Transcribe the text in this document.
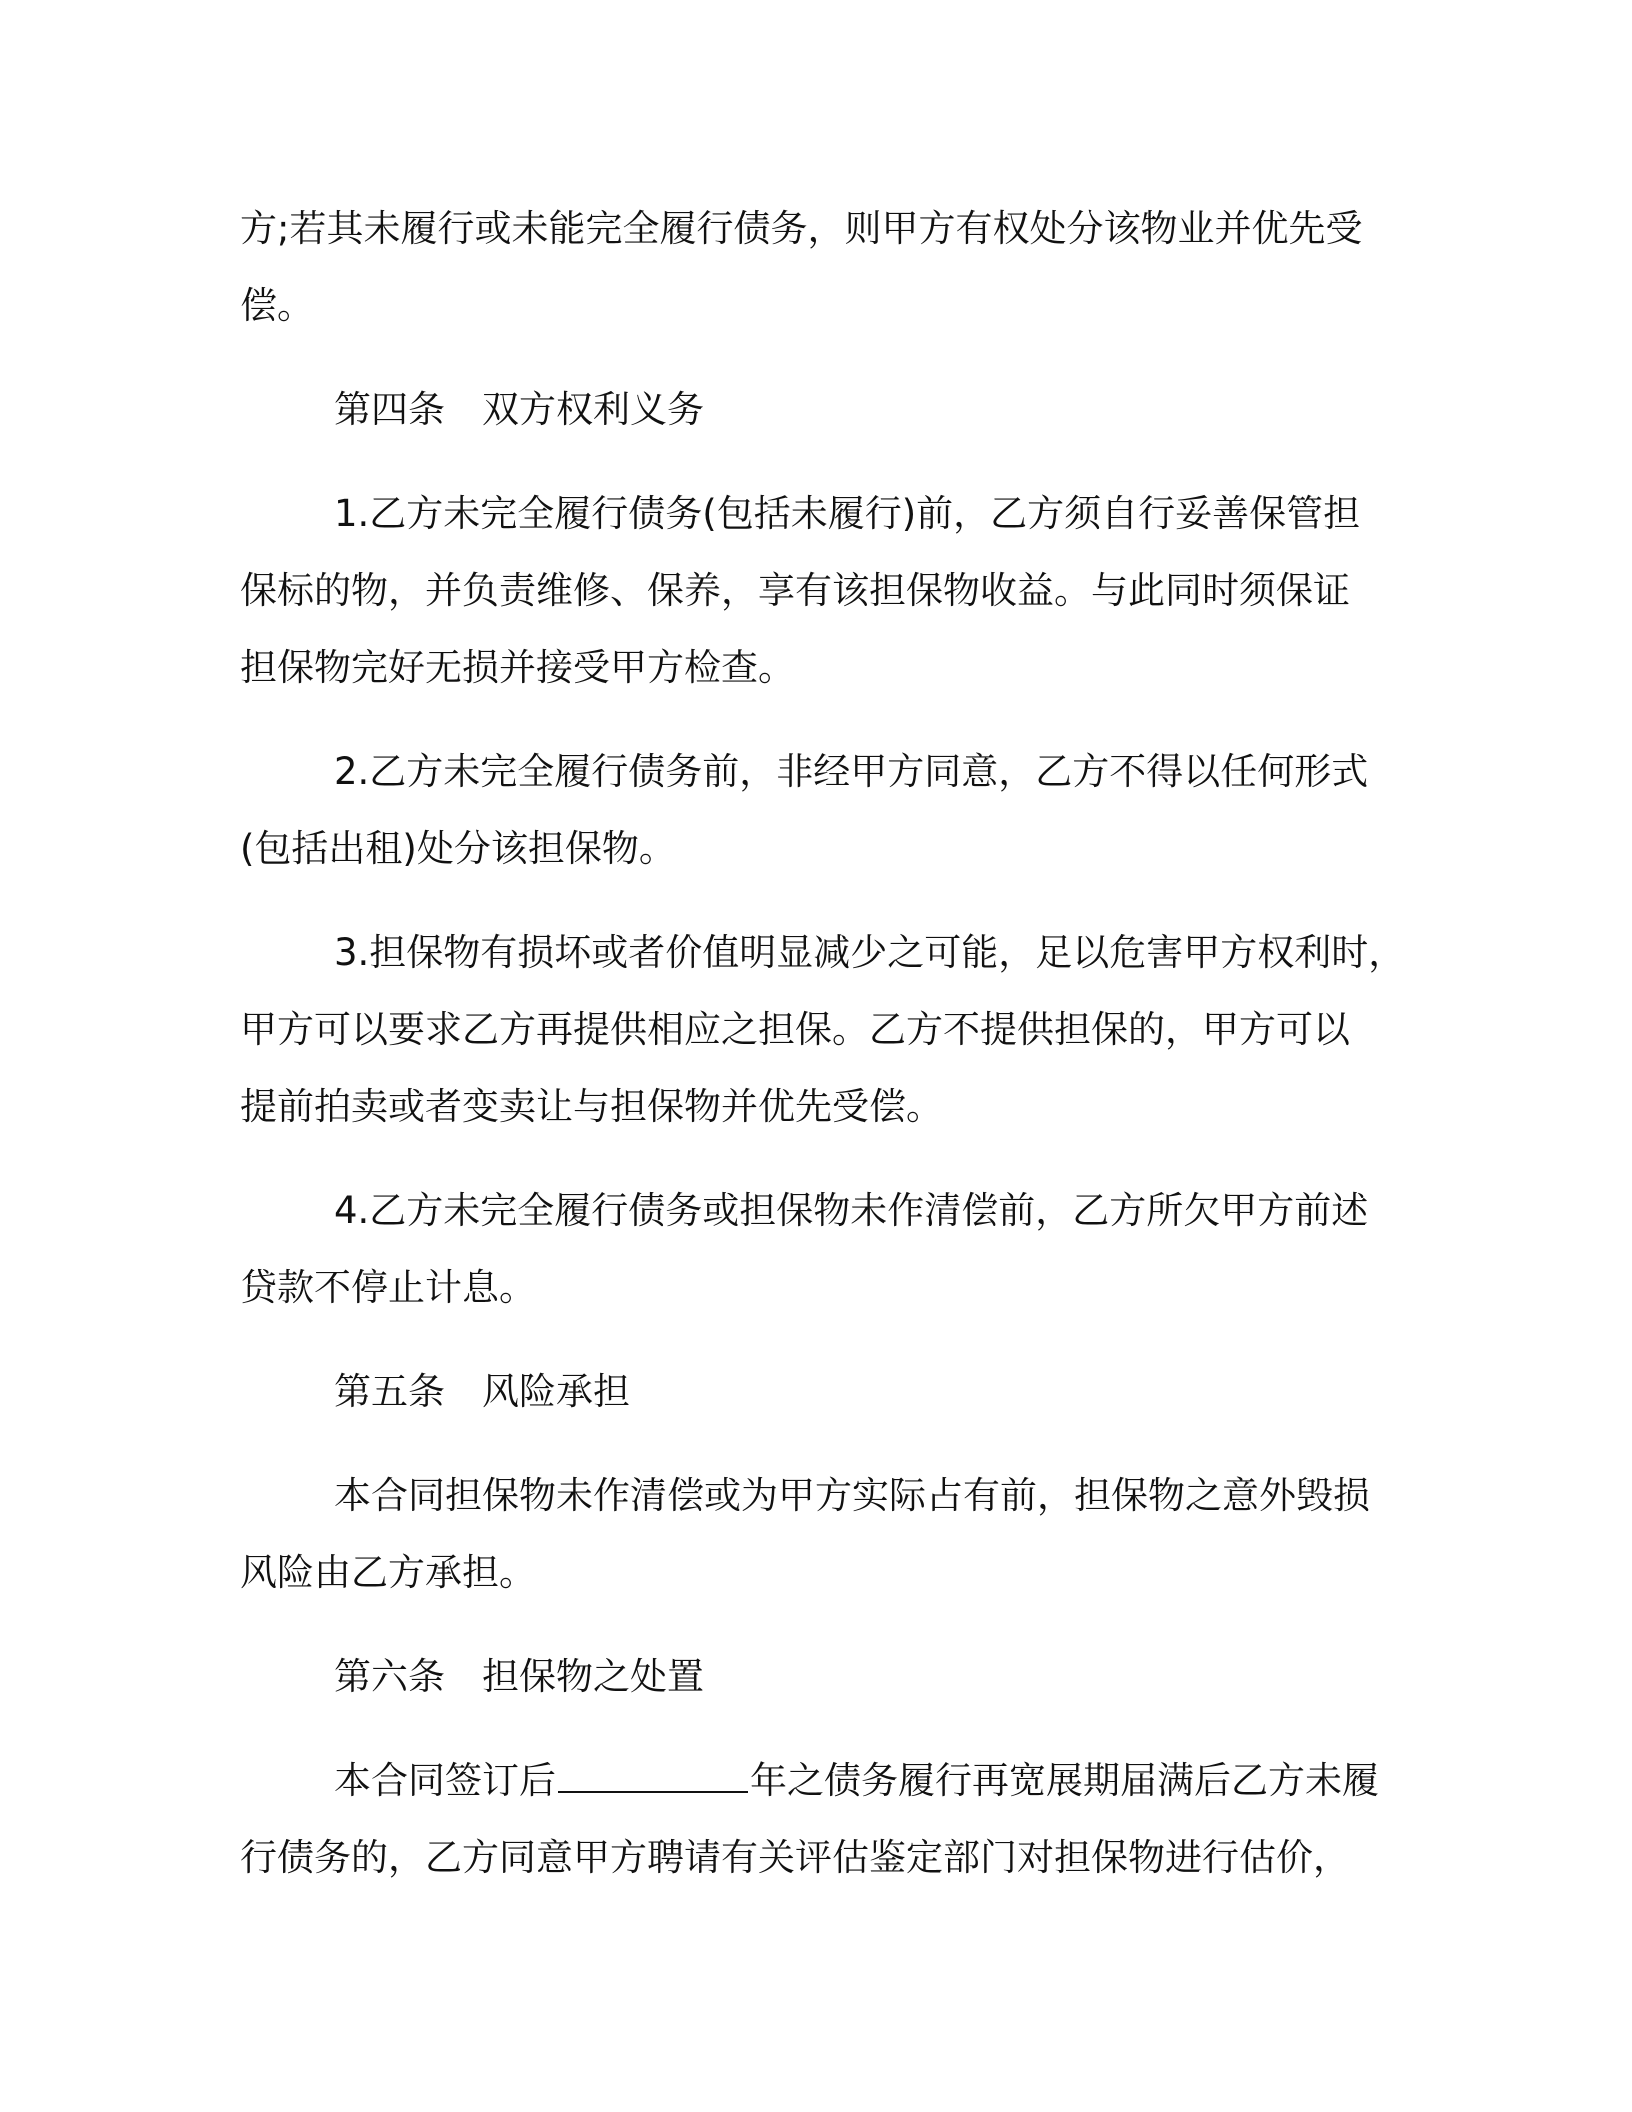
方;若其未履行或未能完全履行债务，则甲方有权处分该物业并优先受
偿。
第四条　双方权利义务
1.乙方未完全履行债务(包括未履行)前，乙方须自行妥善保管担
保标的物，并负责维修、保养，享有该担保物收益。与此同时须保证
担保物完好无损并接受甲方检查。
2.乙方未完全履行债务前，非经甲方同意，乙方不得以任何形式
(包括出租)处分该担保物。
3.担保物有损坏或者价值明显减少之可能，足以危害甲方权利时，
甲方可以要求乙方再提供相应之担保。乙方不提供担保的，甲方可以
提前拍卖或者变卖让与担保物并优先受偿。
4.乙方未完全履行债务或担保物未作清偿前，乙方所欠甲方前述
贷款不停止计息。
第五条　风险承担
本合同担保物未作清偿或为甲方实际占有前，担保物之意外毁损
风险由乙方承担。
第六条　担保物之处置
本合同签订后	年之债务履行再宽展期届满后乙方未履
行债务的，乙方同意甲方聘请有关评估鉴定部门对担保物进行估价，
